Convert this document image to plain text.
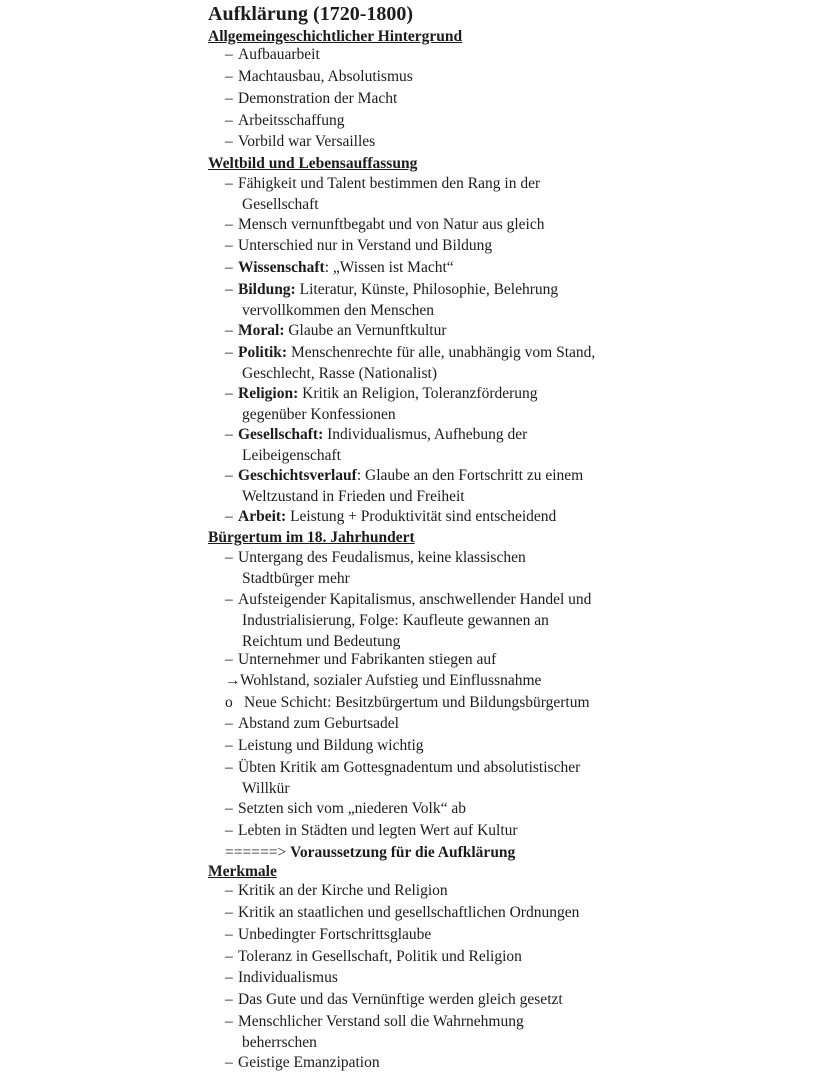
Aufklärung (1720-1800)
Allgemeingeschichtlicher Hintergrund
– Aufbauarbeit
– Machtausbau, Absolutismus
– Demonstration der Macht
– Arbeitsschaffung
– Vorbild war Versailles
Weltbild und Lebensauffassung
– Fähigkeit und Talent bestimmen den Rang in der
Gesellschaft
– Mensch vernunftbegabt und von Natur aus gleich
– Unterschied nur in Verstand und Bildung
– Wissenschaft: „Wissen ist Macht“
– Bildung: Literatur, Künste, Philosophie, Belehrung
vervollkommen den Menschen
– Moral: Glaube an Vernunftkultur
– Politik: Menschenrechte für alle, unabhängig vom Stand,
Geschlecht, Rasse (Nationalist)
– Religion: Kritik an Religion, Toleranzförderung
gegenüber Konfessionen
– Gesellschaft: Individualismus, Aufhebung der
Leibeigenschaft
– Geschichtsverlauf: Glaube an den Fortschritt zu einem
Weltzustand in Frieden und Freiheit
– Arbeit: Leistung + Produktivität sind entscheidend
Bürgertum im 18. Jahrhundert
– Untergang des Feudalismus, keine klassischen
Stadtbürger mehr
– Aufsteigender Kapitalismus, anschwellender Handel und
Industrialisierung, Folge: Kaufleute gewannen an
Reichtum und Bedeutung
– Unternehmer und Fabrikanten stiegen auf
→ Wohlstand, sozialer Aufstieg und Einflussnahme
o Neue Schicht: Besitzbürgertum und Bildungsbürgertum
– Abstand zum Geburtsadel
– Leistung und Bildung wichtig
– Übten Kritik am Gottesgnadentum und absolutistischer
Willkür
– Setzten sich vom „niederen Volk“ ab
– Lebten in Städten und legten Wert auf Kultur
======> Voraussetzung für die Aufklärung
Merkmale
– Kritik an der Kirche und Religion
– Kritik an staatlichen und gesellschaftlichen Ordnungen
– Unbedingter Fortschrittsglaube
– Toleranz in Gesellschaft, Politik und Religion
– Individualismus
– Das Gute und das Vernünftige werden gleich gesetzt
– Menschlicher Verstand soll die Wahrnehmung
beherrschen
– Geistige Emanzipation
